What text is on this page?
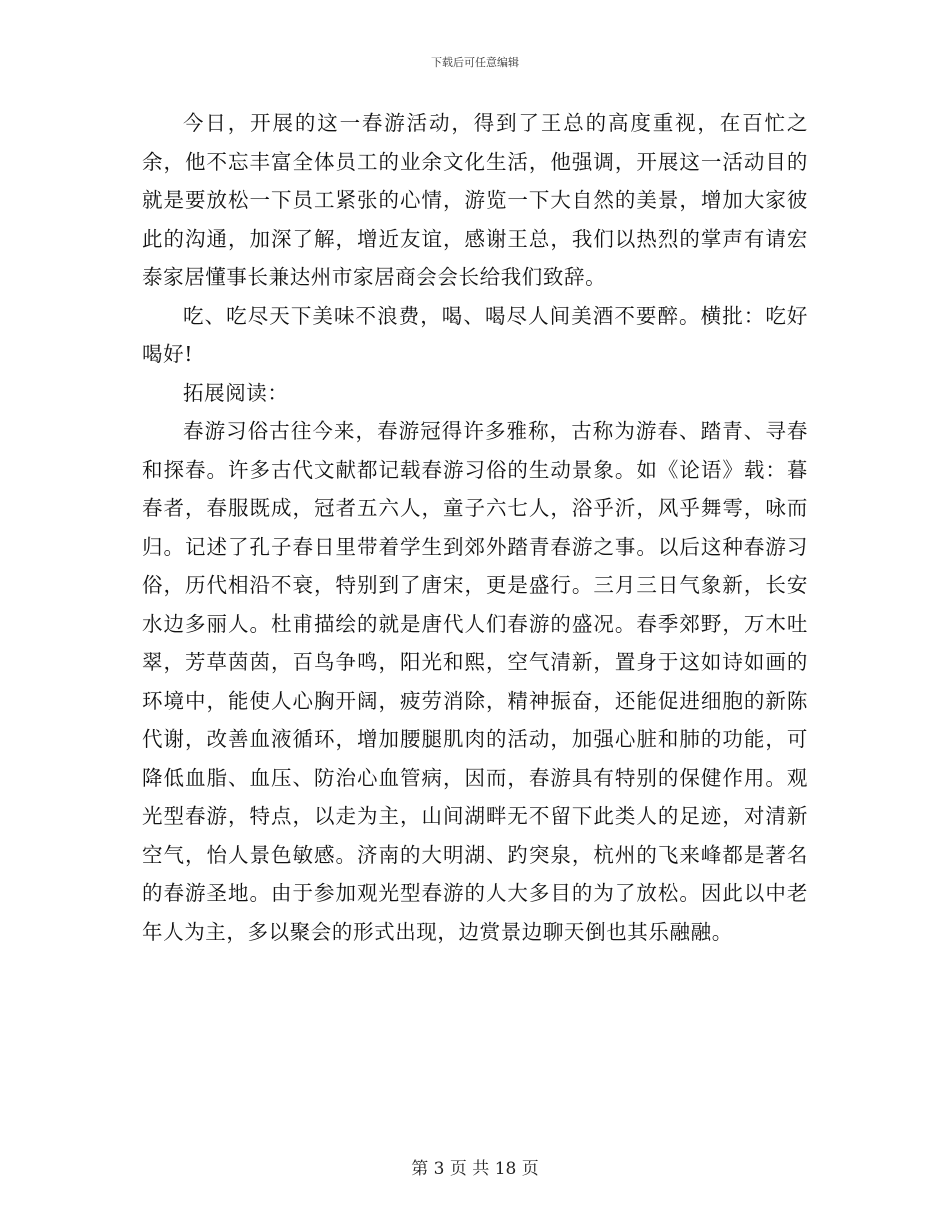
下载后可任意编辑

今日，开展的这一春游活动，得到了王总的高度重视，在百忙之余，他不忘丰富全体员工的业余文化生活，他强调，开展这一活动目的就是要放松一下员工紧张的心情，游览一下大自然的美景，增加大家彼此的沟通，加深了解，增近友谊，感谢王总，我们以热烈的掌声有请宏泰家居懂事长兼达州市家居商会会长给我们致辞。

吃、吃尽天下美味不浪费，喝、喝尽人间美酒不要醉。横批：吃好喝好!

拓展阅读：

春游习俗古往今来，春游冠得许多雅称，古称为游春、踏青、寻春和探春。许多古代文献都记载春游习俗的生动景象。如《论语》载：暮春者，春服既成，冠者五六人，童子六七人，浴乎沂，风乎舞雩，咏而归。记述了孔子春日里带着学生到郊外踏青春游之事。以后这种春游习俗，历代相沿不衰，特别到了唐宋，更是盛行。三月三日气象新，长安水边多丽人。杜甫描绘的就是唐代人们春游的盛况。春季郊野，万木吐翠，芳草茵茵，百鸟争鸣，阳光和熙，空气清新，置身于这如诗如画的环境中，能使人心胸开阔，疲劳消除，精神振奋，还能促进细胞的新陈代谢，改善血液循环，增加腰腿肌肉的活动，加强心脏和肺的功能，可降低血脂、血压、防治心血管病，因而，春游具有特别的保健作用。观光型春游，特点，以走为主，山间湖畔无不留下此类人的足迹，对清新空气，怡人景色敏感。济南的大明湖、趵突泉，杭州的飞来峰都是著名的春游圣地。由于参加观光型春游的人大多目的为了放松。因此以中老年人为主，多以聚会的形式出现，边赏景边聊天倒也其乐融融。

第 3 页 共 18 页
